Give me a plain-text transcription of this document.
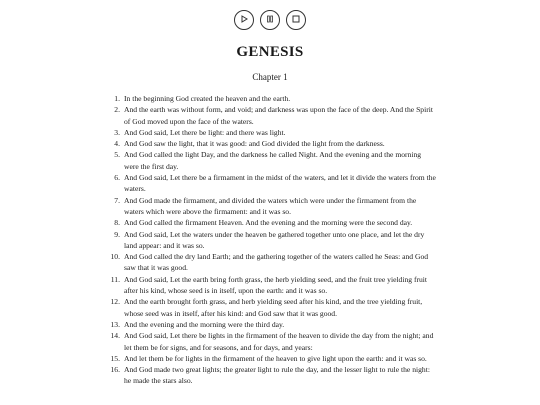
GENESIS
Chapter 1
1. In the beginning God created the heaven and the earth.
2. And the earth was without form, and void; and darkness was upon the face of the deep. And the Spirit of God moved upon the face of the waters.
3. And God said, Let there be light: and there was light.
4. And God saw the light, that it was good: and God divided the light from the darkness.
5. And God called the light Day, and the darkness he called Night. And the evening and the morning were the first day.
6. And God said, Let there be a firmament in the midst of the waters, and let it divide the waters from the waters.
7. And God made the firmament, and divided the waters which were under the firmament from the waters which were above the firmament: and it was so.
8. And God called the firmament Heaven. And the evening and the morning were the second day.
9. And God said, Let the waters under the heaven be gathered together unto one place, and let the dry land appear: and it was so.
10. And God called the dry land Earth; and the gathering together of the waters called he Seas: and God saw that it was good.
11. And God said, Let the earth bring forth grass, the herb yielding seed, and the fruit tree yielding fruit after his kind, whose seed is in itself, upon the earth: and it was so.
12. And the earth brought forth grass, and herb yielding seed after his kind, and the tree yielding fruit, whose seed was in itself, after his kind: and God saw that it was good.
13. And the evening and the morning were the third day.
14. And God said, Let there be lights in the firmament of the heaven to divide the day from the night; and let them be for signs, and for seasons, and for days, and years:
15. And let them be for lights in the firmament of the heaven to give light upon the earth: and it was so.
16. And God made two great lights; the greater light to rule the day, and the lesser light to rule the night: he made the stars also.
